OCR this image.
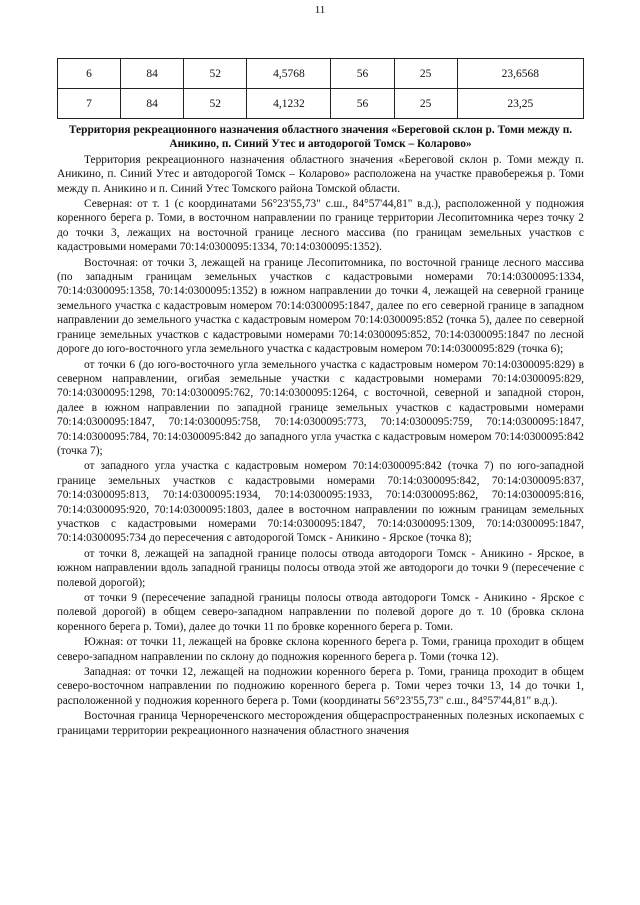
11
6	84	52	4,5768	56	25	23,6568
7	84	52	4,1232	56	25	23,25
Территория рекреационного назначения областного значения «Береговой склон р. Томи между п. Аникино, п. Синий Утес и автодорогой Томск – Коларово»

Территория рекреационного назначения областного значения «Береговой склон р. Томи между п. Аникино, п. Синий Утес и автодорогой Томск – Коларово» расположена на участке правобережья р. Томи между п. Аникино и п. Синий Утес Томского района Томской области.

Северная: от т. 1 (с координатами 56°23'55,73" с.ш., 84°57'44,81" в.д.), расположенной у подножия коренного берега р. Томи, в восточном направлении по границе территории Лесопитомника через точку 2 до точки 3, лежащих на восточной границе лесного массива (по границам земельных участков с кадастровыми номерами 70:14:0300095:1334, 70:14:0300095:1352).

Восточная: от точки 3, лежащей на границе Лесопитомника, по восточной границе лесного массива (по западным границам земельных участков с кадастровыми номерами 70:14:0300095:1334, 70:14:0300095:1358, 70:14:0300095:1352) в южном направлении до точки 4, лежащей на северной границе земельного участка с кадастровым номером 70:14:0300095:1847, далее по его северной границе в западном направлении до земельного участка с кадастровым номером 70:14:0300095:852 (точка 5), далее по северной границе земельных участков с кадастровыми номерами 70:14:0300095:852, 70:14:0300095:1847 по лесной дороге до юго-восточного угла земельного участка с кадастровым номером 70:14:0300095:829 (точка 6);

от точки 6 (до юго-восточного угла земельного участка с кадастровым номером 70:14:0300095:829) в северном направлении, огибая земельные участки с кадастровыми номерами 70:14:0300095:829, 70:14:0300095:1298, 70:14:0300095:762, 70:14:0300095:1264, с восточной, северной и западной сторон, далее в южном направлении по западной границе земельных участков с кадастровыми номерами 70:14:0300095:1847, 70:14:0300095:758, 70:14:0300095:773, 70:14:0300095:759, 70:14:0300095:1847, 70:14:0300095:784, 70:14:0300095:842 до западного угла участка с кадастровым номером 70:14:0300095:842 (точка 7);

от западного угла участка с кадастровым номером 70:14:0300095:842 (точка 7) по юго-западной границе земельных участков с кадастровыми номерами 70:14:0300095:842, 70:14:0300095:837, 70:14:0300095:813, 70:14:0300095:1934, 70:14:0300095:1933, 70:14:0300095:862, 70:14:0300095:816, 70:14:0300095:920, 70:14:0300095:1803, далее в восточном направлении по южным границам земельных участков с кадастровыми номерами 70:14:0300095:1847, 70:14:0300095:1309, 70:14:0300095:1847, 70:14:0300095:734 до пересечения с автодорогой Томск - Аникино - Ярское (точка 8);

от точки 8, лежащей на западной границе полосы отвода автодороги Томск - Аникино - Ярское, в южном направлении вдоль западной границы полосы отвода этой же автодороги до точки 9 (пересечение с полевой дорогой);

от точки 9 (пересечение западной границы полосы отвода автодороги Томск - Аникино - Ярское с полевой дорогой) в общем северо-западном направлении по полевой дороге до т. 10 (бровка склона коренного берега р. Томи), далее до точки 11 по бровке коренного берега р. Томи.

Южная: от точки 11, лежащей на бровке склона коренного берега р. Томи, граница проходит в общем северо-западном направлении по склону до подножия коренного берега р. Томи (точка 12).

Западная: от точки 12, лежащей на подножии коренного берега р. Томи, граница проходит в общем северо-восточном направлении по подножию коренного берега р. Томи через точки 13, 14 до точки 1, расположенной у подножия коренного берега р. Томи (координаты 56°23'55,73" с.ш., 84°57'44,81" в.д.).

Восточная граница Чернореченского месторождения общераспространенных полезных ископаемых с границами территории рекреационного назначения областного значения
